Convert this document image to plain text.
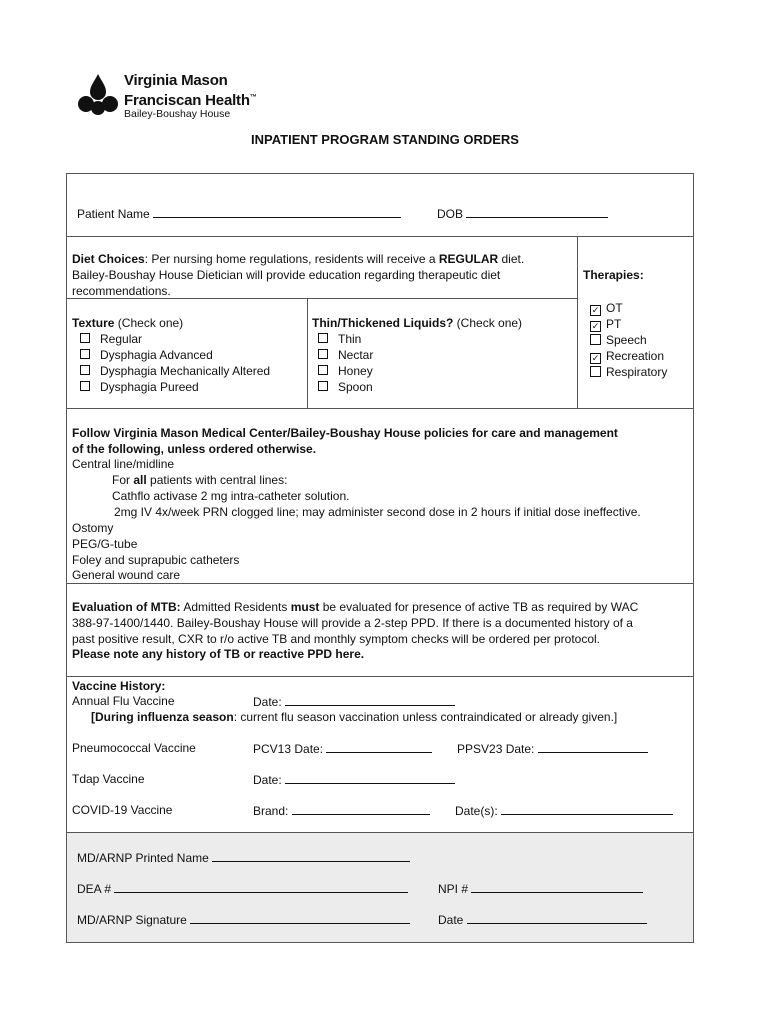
Virginia Mason
Franciscan Health™
Bailey-Boushay House
INPATIENT PROGRAM STANDING ORDERS
Patient Name	DOB
Diet Choices: Per nursing home regulations, residents will receive a REGULAR diet.
Bailey-Boushay House Dietician will provide education regarding therapeutic diet
recommendations.
Texture (Check one)
Regular
Dysphagia Advanced
Dysphagia Mechanically Altered
Dysphagia Pureed
Thin/Thickened Liquids? (Check one)
Thin
Nectar
Honey
Spoon
Therapies:
✓ OT
✓ PT
Speech
✓ Recreation
Respiratory
Follow Virginia Mason Medical Center/Bailey-Boushay House policies for care and management
of the following, unless ordered otherwise.
Central line/midline
For all patients with central lines:
Cathflo activase 2 mg intra-catheter solution.
2mg IV 4x/week PRN clogged line; may administer second dose in 2 hours if initial dose ineffective.
Ostomy
PEG/G-tube
Foley and suprapubic catheters
General wound care
Evaluation of MTB: Admitted Residents must be evaluated for presence of active TB as required by WAC
388-97-1400/1440. Bailey-Boushay House will provide a 2-step PPD. If there is a documented history of a
past positive result, CXR to r/o active TB and monthly symptom checks will be ordered per protocol.
Please note any history of TB or reactive PPD here.
Vaccine History:
Annual Flu Vaccine	Date:
[During influenza season: current flu season vaccination unless contraindicated or already given.]
Pneumococcal Vaccine	PCV13 Date:	PPSV23 Date:
Tdap Vaccine	Date:
COVID-19 Vaccine	Brand:	Date(s):
MD/ARNP Printed Name
DEA #	NPI #
MD/ARNP Signature	Date
